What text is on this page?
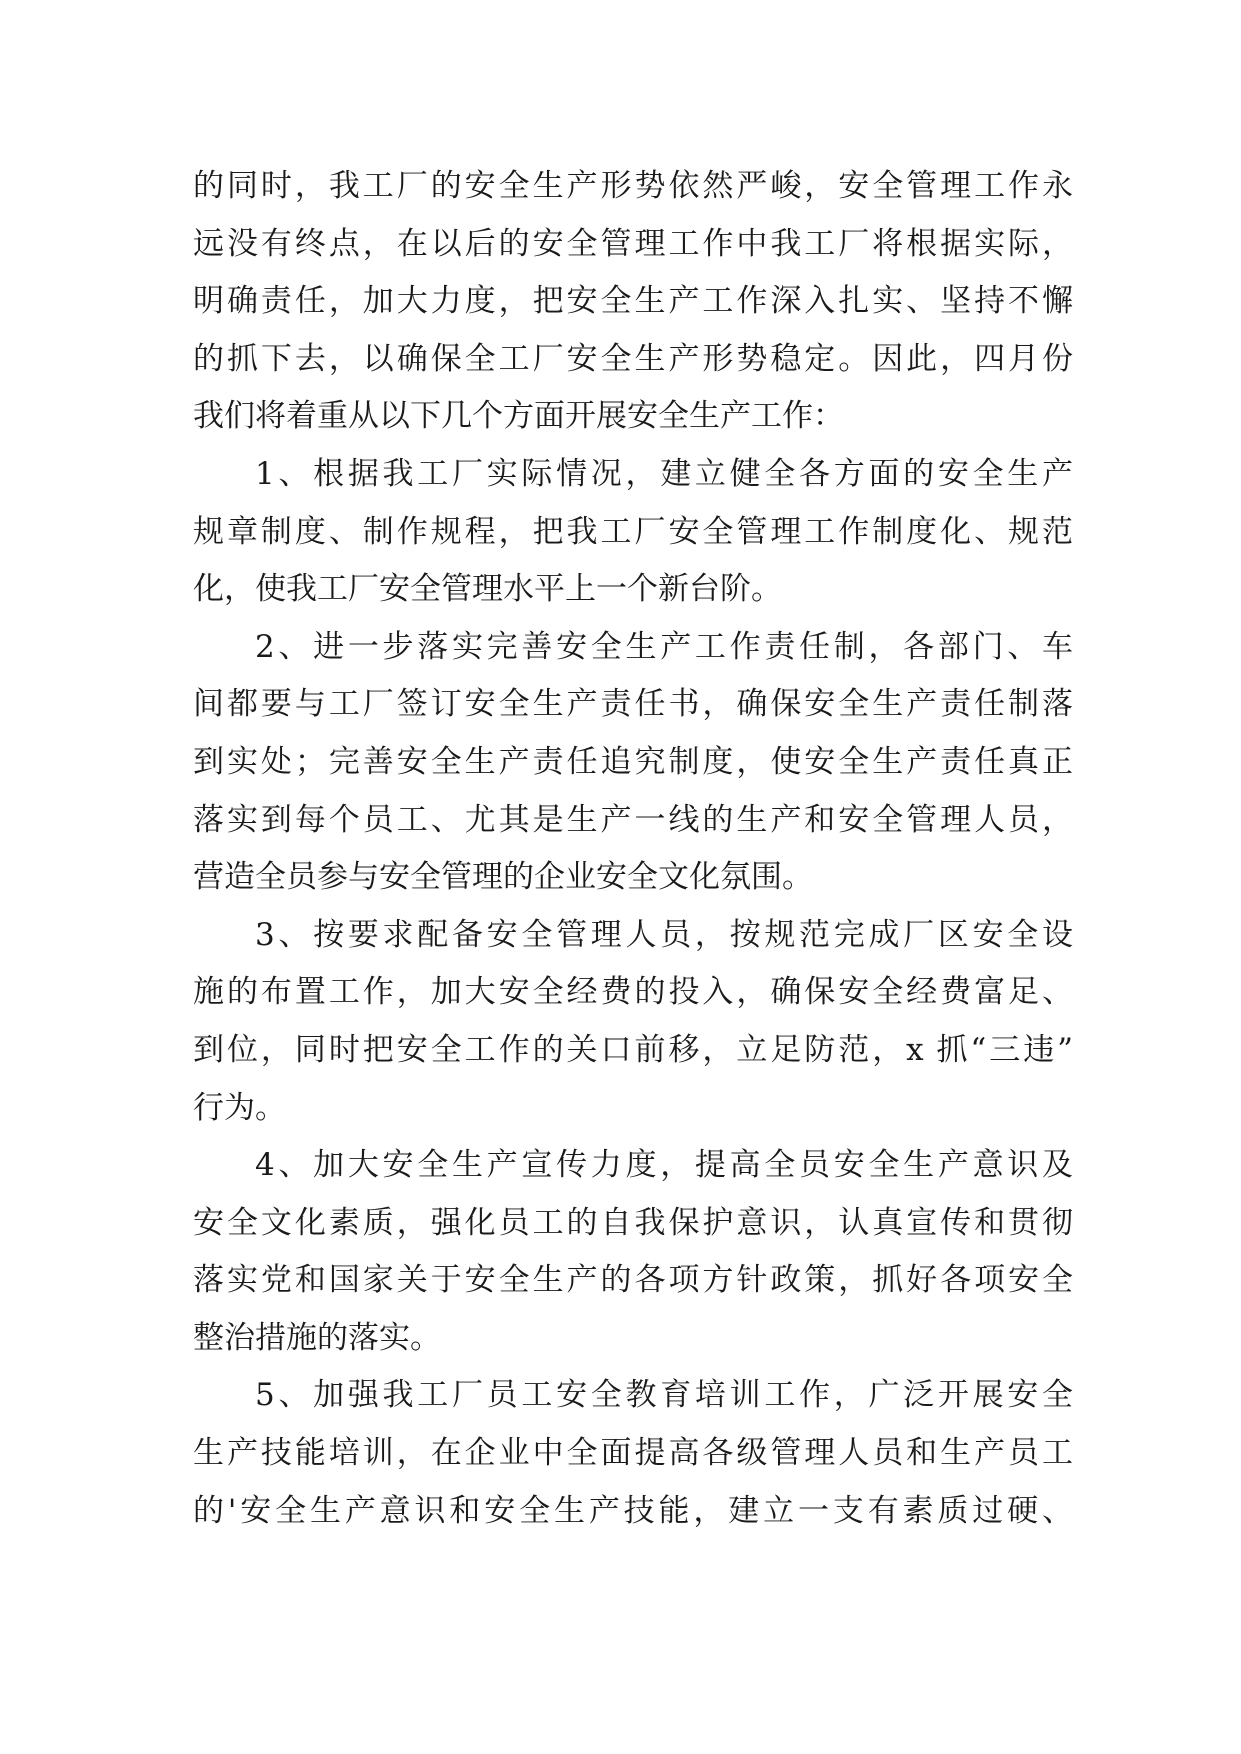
的同时，我工厂的安全生产形势依然严峻，安全管理工作永
远没有终点，在以后的安全管理工作中我工厂将根据实际，
明确责任，加大力度，把安全生产工作深入扎实、坚持不懈
的抓下去，以确保全工厂安全生产形势稳定。因此，四月份
我们将着重从以下几个方面开展安全生产工作：
1、根据我工厂实际情况，建立健全各方面的安全生产
规章制度、制作规程，把我工厂安全管理工作制度化、规范
化，使我工厂安全管理水平上一个新台阶。
2、进一步落实完善安全生产工作责任制，各部门、车
间都要与工厂签订安全生产责任书，确保安全生产责任制落
到实处；完善安全生产责任追究制度，使安全生产责任真正
落实到每个员工、尤其是生产一线的生产和安全管理人员，
营造全员参与安全管理的企业安全文化氛围。
3、按要求配备安全管理人员，按规范完成厂区安全设
施的布置工作，加大安全经费的投入，确保安全经费富足、
到位，同时把安全工作的关口前移，立足防范，x 抓“三违”
行为。
4、加大安全生产宣传力度，提高全员安全生产意识及
安全文化素质，强化员工的自我保护意识，认真宣传和贯彻
落实党和国家关于安全生产的各项方针政策，抓好各项安全
整治措施的落实。
5、加强我工厂员工安全教育培训工作，广泛开展安全
生产技能培训，在企业中全面提高各级管理人员和生产员工
的'安全生产意识和安全生产技能，建立一支有素质过硬、
